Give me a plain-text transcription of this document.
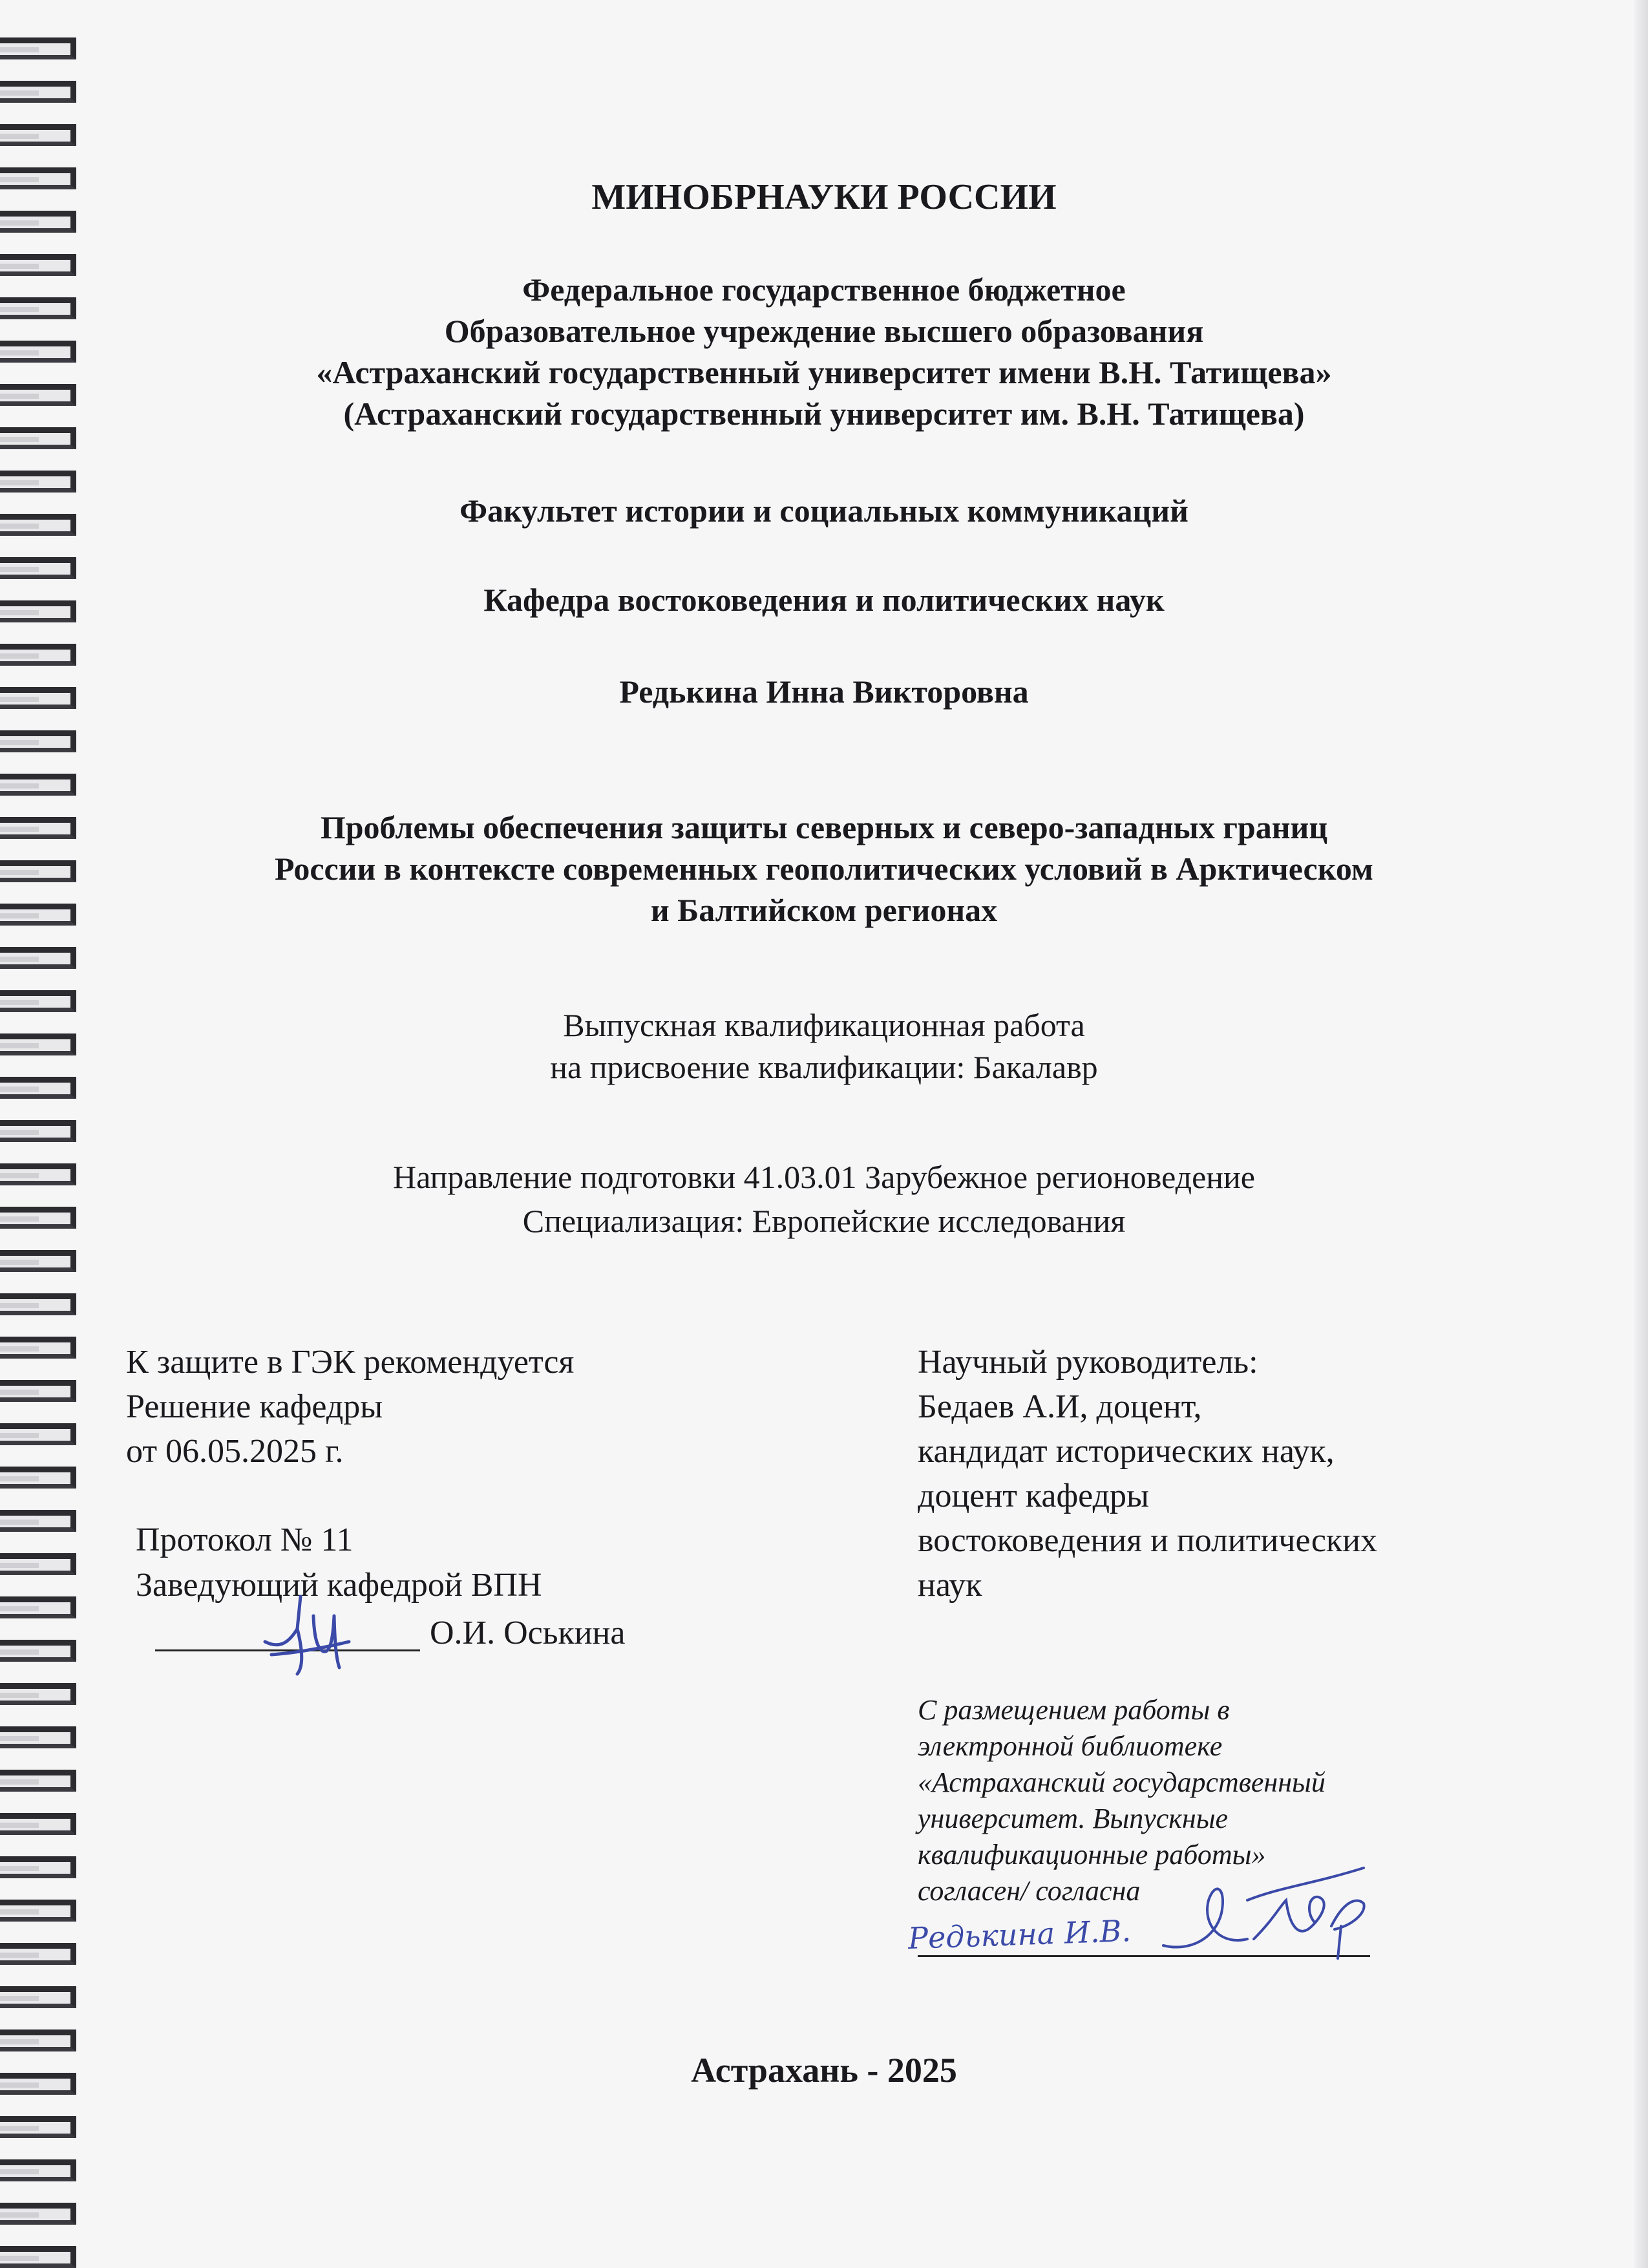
МИНОБРНАУКИ РОССИИ
Федеральное государственное бюджетное
Образовательное учреждение высшего образования
«Астраханский государственный университет имени В.Н. Татищева»
(Астраханский государственный университет им. В.Н. Татищева)
Факультет истории и социальных коммуникаций
Кафедра востоковедения и политических наук
Редькина Инна Викторовна
Проблемы обеспечения защиты северных и северо-западных границ
России в контексте современных геополитических условий в Арктическом
и Балтийском регионах
Выпускная квалификационная работа
на присвоение квалификации: Бакалавр
Направление подготовки 41.03.01 Зарубежное регионоведение
Специализация: Европейские исследования
К защите в ГЭК рекомендуется
Решение кафедры
от 06.05.2025 г.
Протокол № 11
Заведующий кафедрой ВПН
О.И. Оськина
Научный руководитель:
Бедаев А.И, доцент,
кандидат исторических наук,
доцент кафедры
востоковедения и политических
наук
С размещением работы в
электронной библиотеке
«Астраханский государственный
университет. Выпускные
квалификационные работы»
согласен/ согласна
Редькина И.В.
Астрахань - 2025
